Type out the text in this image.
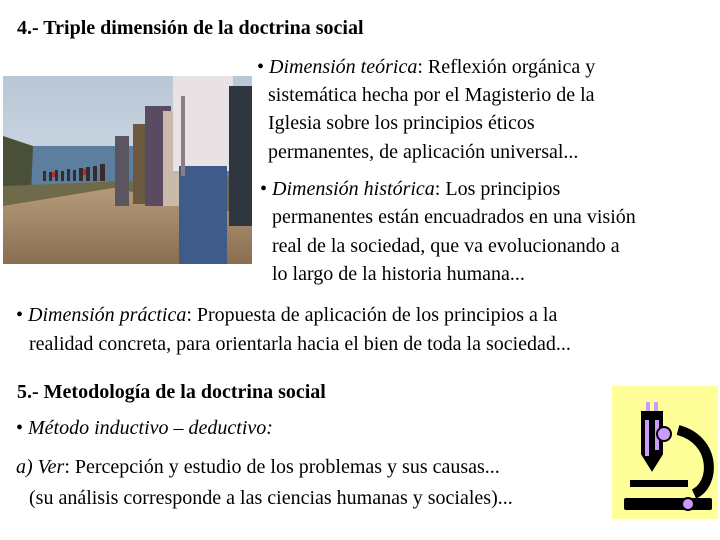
4.- Triple dimensión de la doctrina social
• Dimensión teórica: Reflexión orgánica y
sistemática hecha por el Magisterio de la
Iglesia sobre los principios éticos
permanentes, de aplicación universal...
• Dimensión histórica: Los principios
permanentes están encuadrados en una visión
real de la sociedad, que va evolucionando a
lo largo de la historia humana...
• Dimensión práctica: Propuesta de aplicación de los principios a la
realidad concreta, para orientarla hacia el bien de toda la sociedad...
5.- Metodología de la doctrina social
• Método inductivo – deductivo:
a) Ver: Percepción y estudio de los problemas y sus causas...
(su análisis corresponde a las ciencias humanas y sociales)...
